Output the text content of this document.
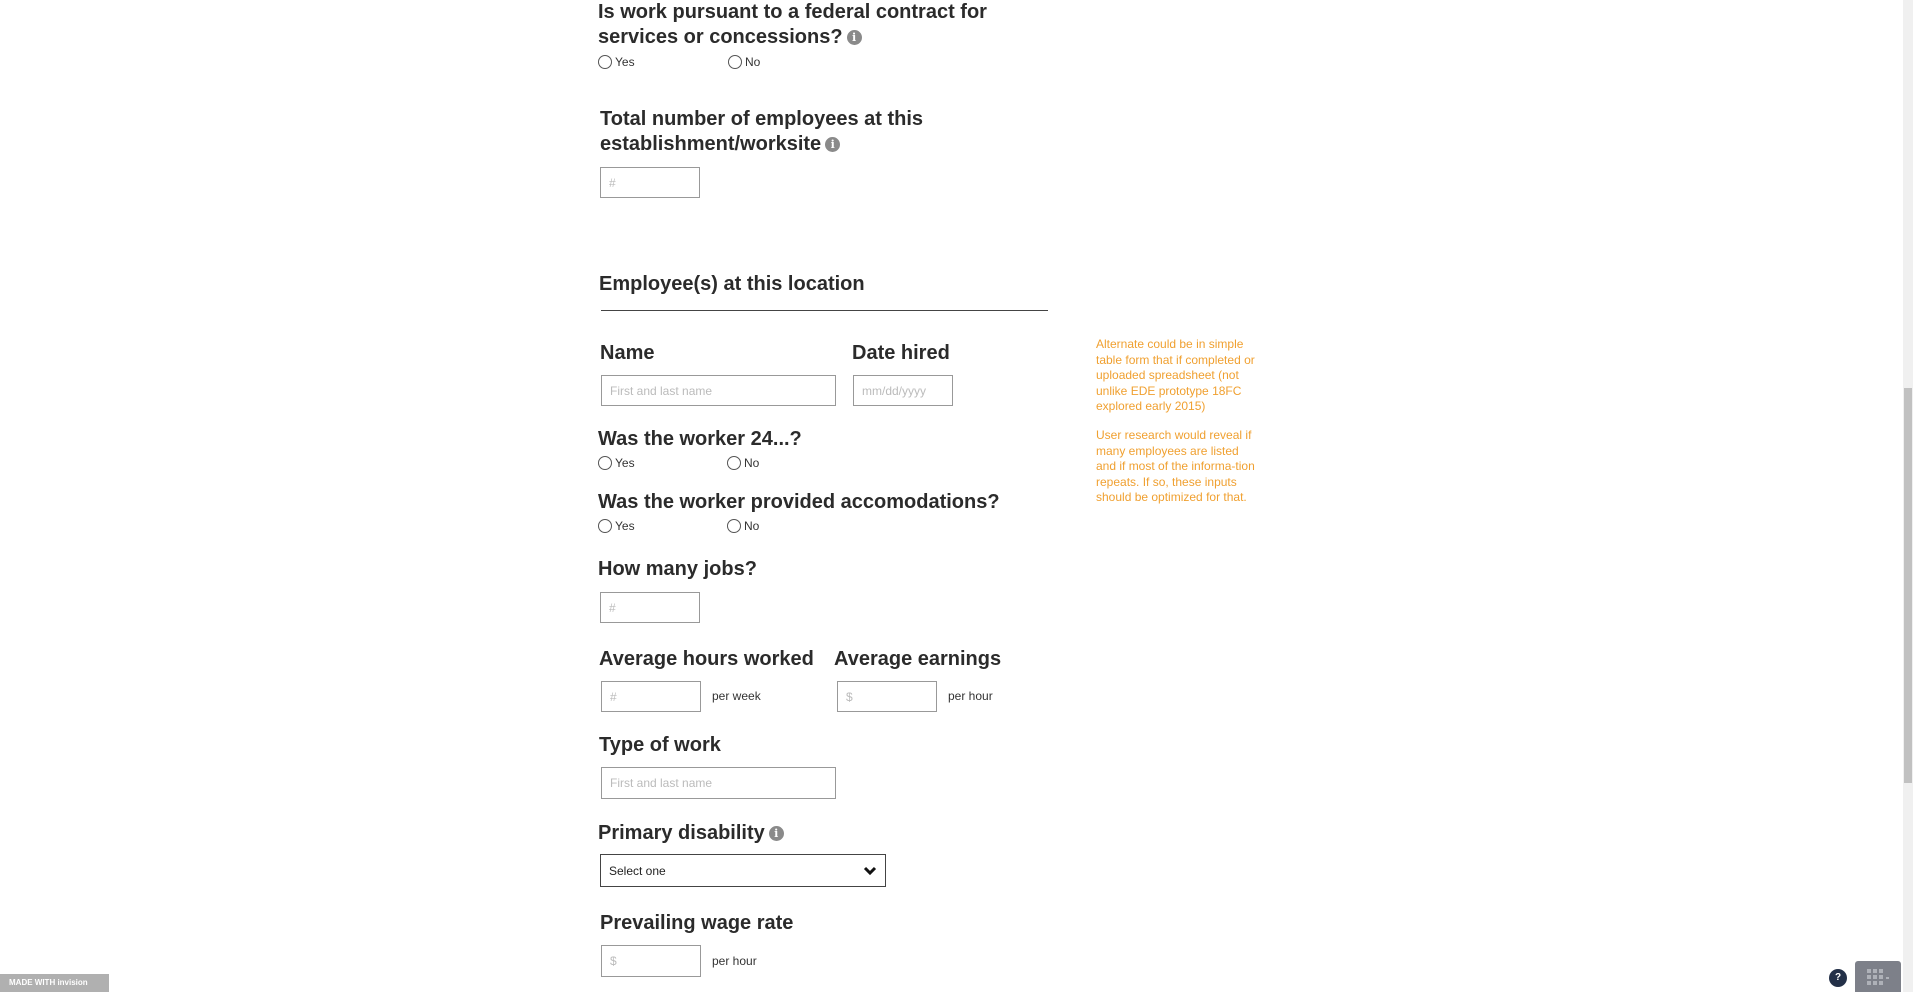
Is work pursuant to a federal contract for
services or concessions? i
Yes	No
Total number of employees at this
establishment/worksite i
#
Employee(s) at this location
Name
First and last name
Date hired
mm/dd/yyyy
Was the worker 24...?
Yes	No
Was the worker provided accomodations?
Yes	No
How many jobs?
#
Average hours worked
#	per week
Average earnings
$	per hour
Type of work
First and last name
Primary disability i
Select one
Prevailing wage rate
$	per hour
Alternate could be in simple table form that if completed or uploaded spreadsheet (not unlike EDE prototype 18FC explored early 2015)
User research would reveal if many employees are listed and if most of the informa-tion repeats. If so, these inputs should be optimized for that.
MADE WITH invision	?
